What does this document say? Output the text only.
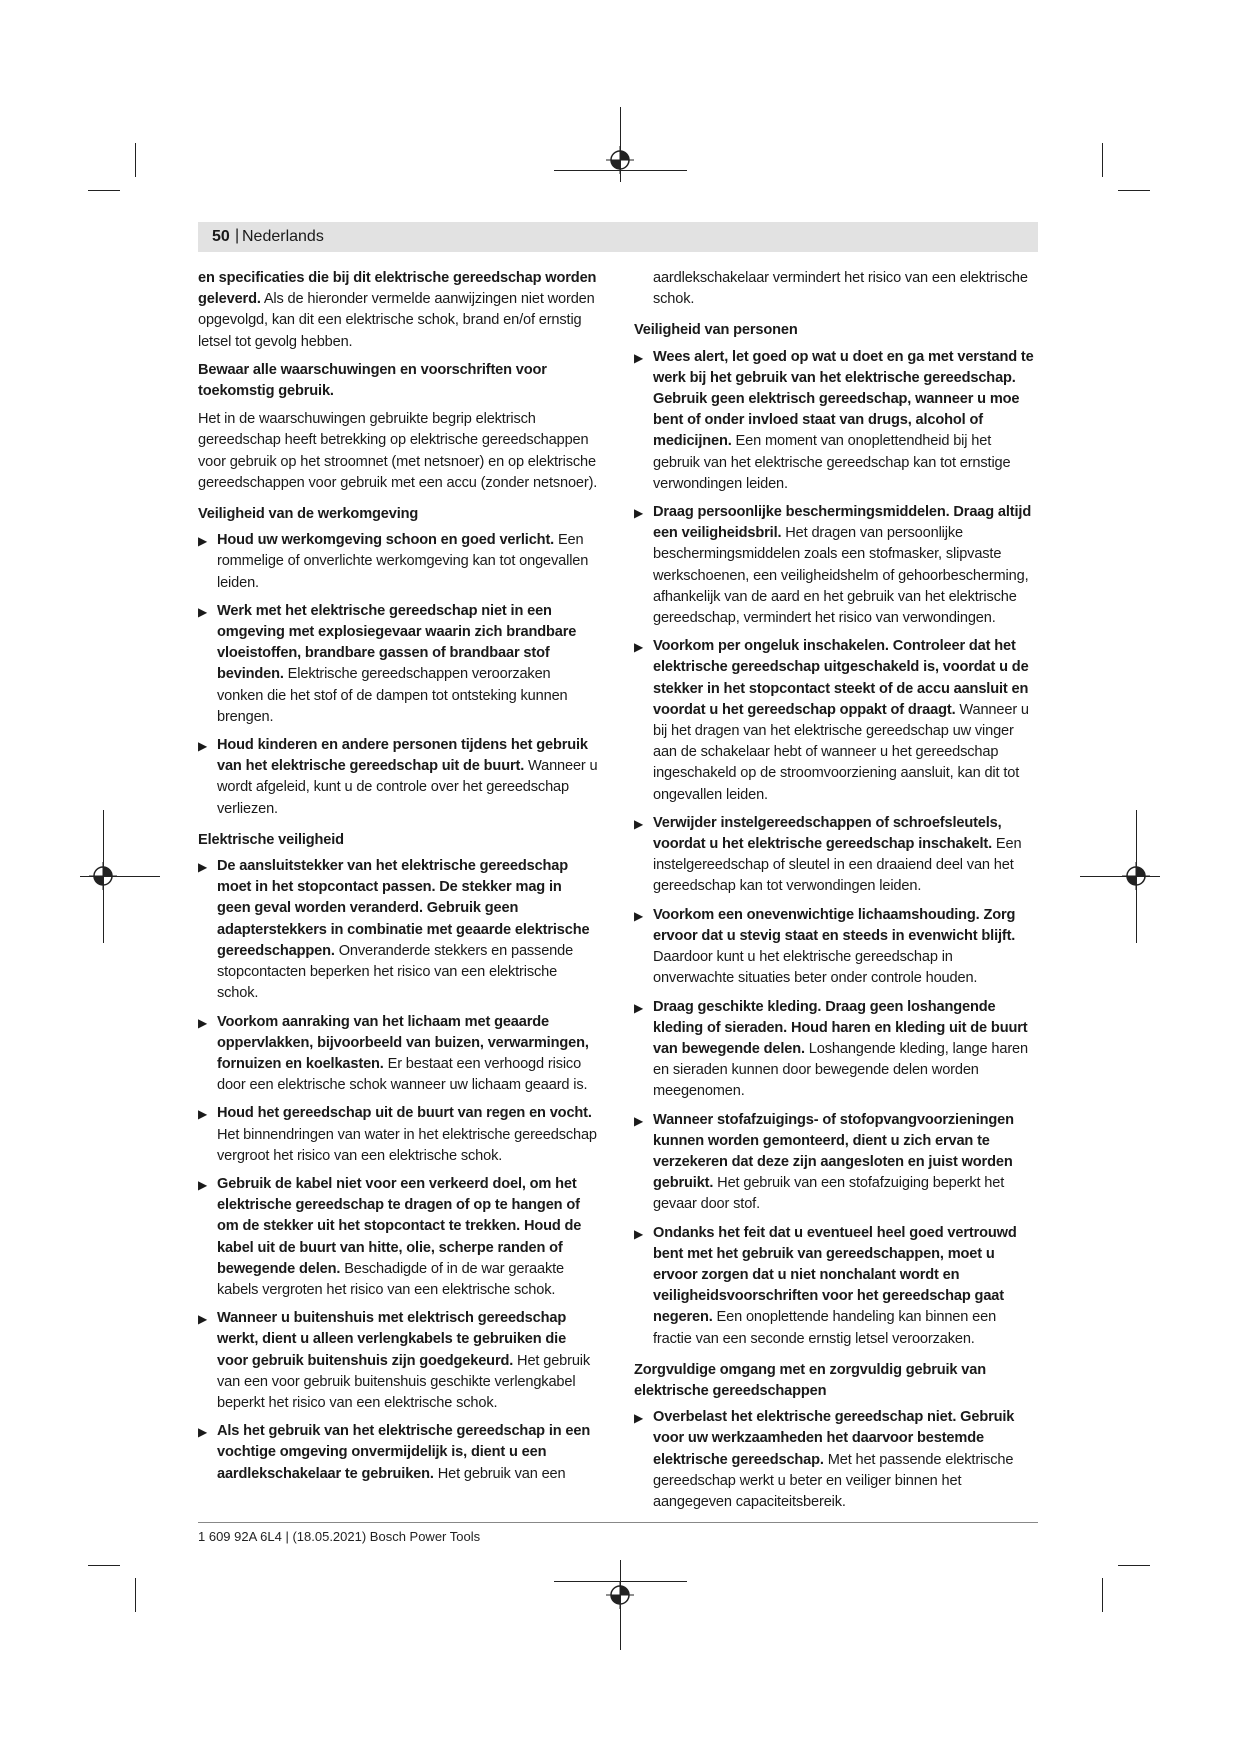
50 | Nederlands

en specificaties die bij dit elektrische gereedschap worden geleverd. Als de hieronder vermelde aanwijzingen niet worden opgevolgd, kan dit een elektrische schok, brand en/of ernstig letsel tot gevolg hebben.

Bewaar alle waarschuwingen en voorschriften voor toekomstig gebruik.

Het in de waarschuwingen gebruikte begrip elektrisch gereedschap heeft betrekking op elektrische gereedschappen voor gebruik op het stroomnet (met netsnoer) en op elektrische gereedschappen voor gebruik met een accu (zonder netsnoer).

Veiligheid van de werkomgeving
▶ Houd uw werkomgeving schoon en goed verlicht. Een rommelige of onverlichte werkomgeving kan tot ongevallen leiden.
▶ Werk met het elektrische gereedschap niet in een omgeving met explosiegevaar waarin zich brandbare vloeistoffen, brandbare gassen of brandbaar stof bevinden. Elektrische gereedschappen veroorzaken vonken die het stof of de dampen tot ontsteking kunnen brengen.
▶ Houd kinderen en andere personen tijdens het gebruik van het elektrische gereedschap uit de buurt. Wanneer u wordt afgeleid, kunt u de controle over het gereedschap verliezen.
Elektrische veiligheid
▶ De aansluitstekker van het elektrische gereedschap moet in het stopcontact passen. De stekker mag in geen geval worden veranderd. Gebruik geen adapterstekkers in combinatie met geaarde elektrische gereedschappen. Onveranderde stekkers en passende stopcontacten beperken het risico van een elektrische schok.
▶ Voorkom aanraking van het lichaam met geaarde oppervlakken, bijvoorbeeld van buizen, verwarmingen, fornuizen en koelkasten. Er bestaat een verhoogd risico door een elektrische schok wanneer uw lichaam geaard is.
▶ Houd het gereedschap uit de buurt van regen en vocht. Het binnendringen van water in het elektrische gereedschap vergroot het risico van een elektrische schok.
▶ Gebruik de kabel niet voor een verkeerd doel, om het elektrische gereedschap te dragen of op te hangen of om de stekker uit het stopcontact te trekken. Houd de kabel uit de buurt van hitte, olie, scherpe randen of bewegende delen. Beschadigde of in de war geraakte kabels vergroten het risico van een elektrische schok.
▶ Wanneer u buitenshuis met elektrisch gereedschap werkt, dient u alleen verlengkabels te gebruiken die voor gebruik buitenshuis zijn goedgekeurd. Het gebruik van een voor gebruik buitenshuis geschikte verlengkabel beperkt het risico van een elektrische schok.
▶ Als het gebruik van het elektrische gereedschap in een vochtige omgeving onvermijdelijk is, dient u een aardlekschakelaar te gebruiken. Het gebruik van een

aardlekschakelaar vermindert het risico van een elektrische schok.

Veiligheid van personen
▶ Wees alert, let goed op wat u doet en ga met verstand te werk bij het gebruik van het elektrische gereedschap. Gebruik geen elektrisch gereedschap, wanneer u moe bent of onder invloed staat van drugs, alcohol of medicijnen. Een moment van onoplettendheid bij het gebruik van het elektrische gereedschap kan tot ernstige verwondingen leiden.
▶ Draag persoonlijke beschermingsmiddelen. Draag altijd een veiligheidsbril. Het dragen van persoonlijke beschermingsmiddelen zoals een stofmasker, slipvaste werkschoenen, een veiligheidshelm of gehoorbescherming, afhankelijk van de aard en het gebruik van het elektrische gereedschap, vermindert het risico van verwondingen.
▶ Voorkom per ongeluk inschakelen. Controleer dat het elektrische gereedschap uitgeschakeld is, voordat u de stekker in het stopcontact steekt of de accu aansluit en voordat u het gereedschap oppakt of draagt. Wanneer u bij het dragen van het elektrische gereedschap uw vinger aan de schakelaar hebt of wanneer u het gereedschap ingeschakeld op de stroomvoorziening aansluit, kan dit tot ongevallen leiden.
▶ Verwijder instelgereedschappen of schroefsleutels, voordat u het elektrische gereedschap inschakelt. Een instelgereedschap of sleutel in een draaiend deel van het gereedschap kan tot verwondingen leiden.
▶ Voorkom een onevenwichtige lichaamshouding. Zorg ervoor dat u stevig staat en steeds in evenwicht blijft. Daardoor kunt u het elektrische gereedschap in onverwachte situaties beter onder controle houden.
▶ Draag geschikte kleding. Draag geen loshangende kleding of sieraden. Houd haren en kleding uit de buurt van bewegende delen. Loshangende kleding, lange haren en sieraden kunnen door bewegende delen worden meegenomen.
▶ Wanneer stofafzuigings- of stofopvangvoorzieningen kunnen worden gemonteerd, dient u zich ervan te verzekeren dat deze zijn aangesloten en juist worden gebruikt. Het gebruik van een stofafzuiging beperkt het gevaar door stof.
▶ Ondanks het feit dat u eventueel heel goed vertrouwd bent met het gebruik van gereedschappen, moet u ervoor zorgen dat u niet nonchalant wordt en veiligheidsvoorschriften voor het gereedschap gaat negeren. Een onoplettende handeling kan binnen een fractie van een seconde ernstig letsel veroorzaken.
Zorgvuldige omgang met en zorgvuldig gebruik van elektrische gereedschappen
▶ Overbelast het elektrische gereedschap niet. Gebruik voor uw werkzaamheden het daarvoor bestemde elektrische gereedschap. Met het passende elektrische gereedschap werkt u beter en veiliger binnen het aangegeven capaciteitsbereik.
1 609 92A 6L4 | (18.05.2021) Bosch Power Tools
